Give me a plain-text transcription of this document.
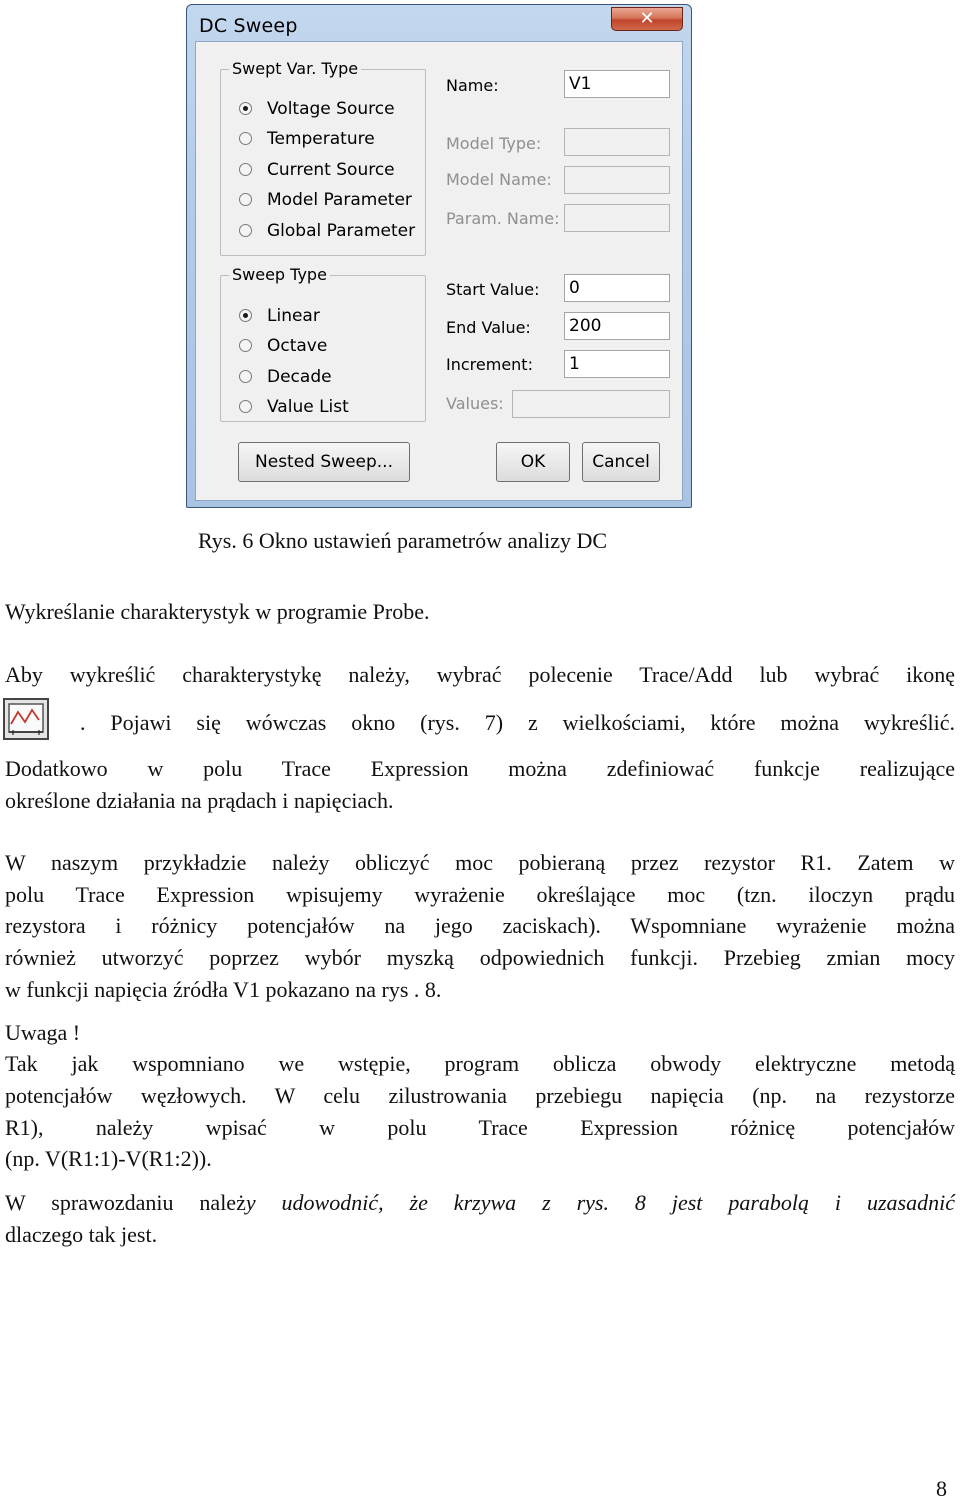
DC Sweep	✕
Swept Var. Type
Voltage Source
Temperature
Current Source
Model Parameter
Global Parameter
Sweep Type
Linear
Octave
Decade
Value List
Name:	V1
Model Type:
Model Name:
Param. Name:
Start Value: 0
End Value: 200
Increment: 1
Values:
Nested Sweep...	OK	Cancel
Rys. 6 Okno ustawień parametrów analizy DC
Wykreślanie charakterystyk w programie Probe.
Aby wykreślić charakterystykę należy, wybrać polecenie Trace/Add lub wybrać ikonę
. Pojawi się wówczas okno (rys. 7) z wielkościami, które można wykreślić.
Dodatkowo w polu Trace Expression można zdefiniować funkcje realizujące
określone działania na prądach i napięciach.
W naszym przykładzie należy obliczyć moc pobieraną przez rezystor R1. Zatem w
polu Trace Expression wpisujemy wyrażenie określające moc (tzn. iloczyn prądu
rezystora i różnicy potencjałów na jego zaciskach). Wspomniane wyrażenie można
również utworzyć poprzez wybór myszką odpowiednich funkcji. Przebieg zmian mocy
w funkcji napięcia źródła V1 pokazano na rys . 8.
Uwaga !
Tak jak wspomniano we wstępie, program oblicza obwody elektryczne metodą
potencjałów węzłowych. W celu zilustrowania przebiegu napięcia (np. na rezystorze
R1), należy wpisać w polu Trace Expression różnicę potencjałów
(np. V(R1:1)-V(R1:2)).
W sprawozdaniu należy udowodnić, że krzywa z rys. 8 jest parabolą i uzasadnić
dlaczego tak jest.
8
